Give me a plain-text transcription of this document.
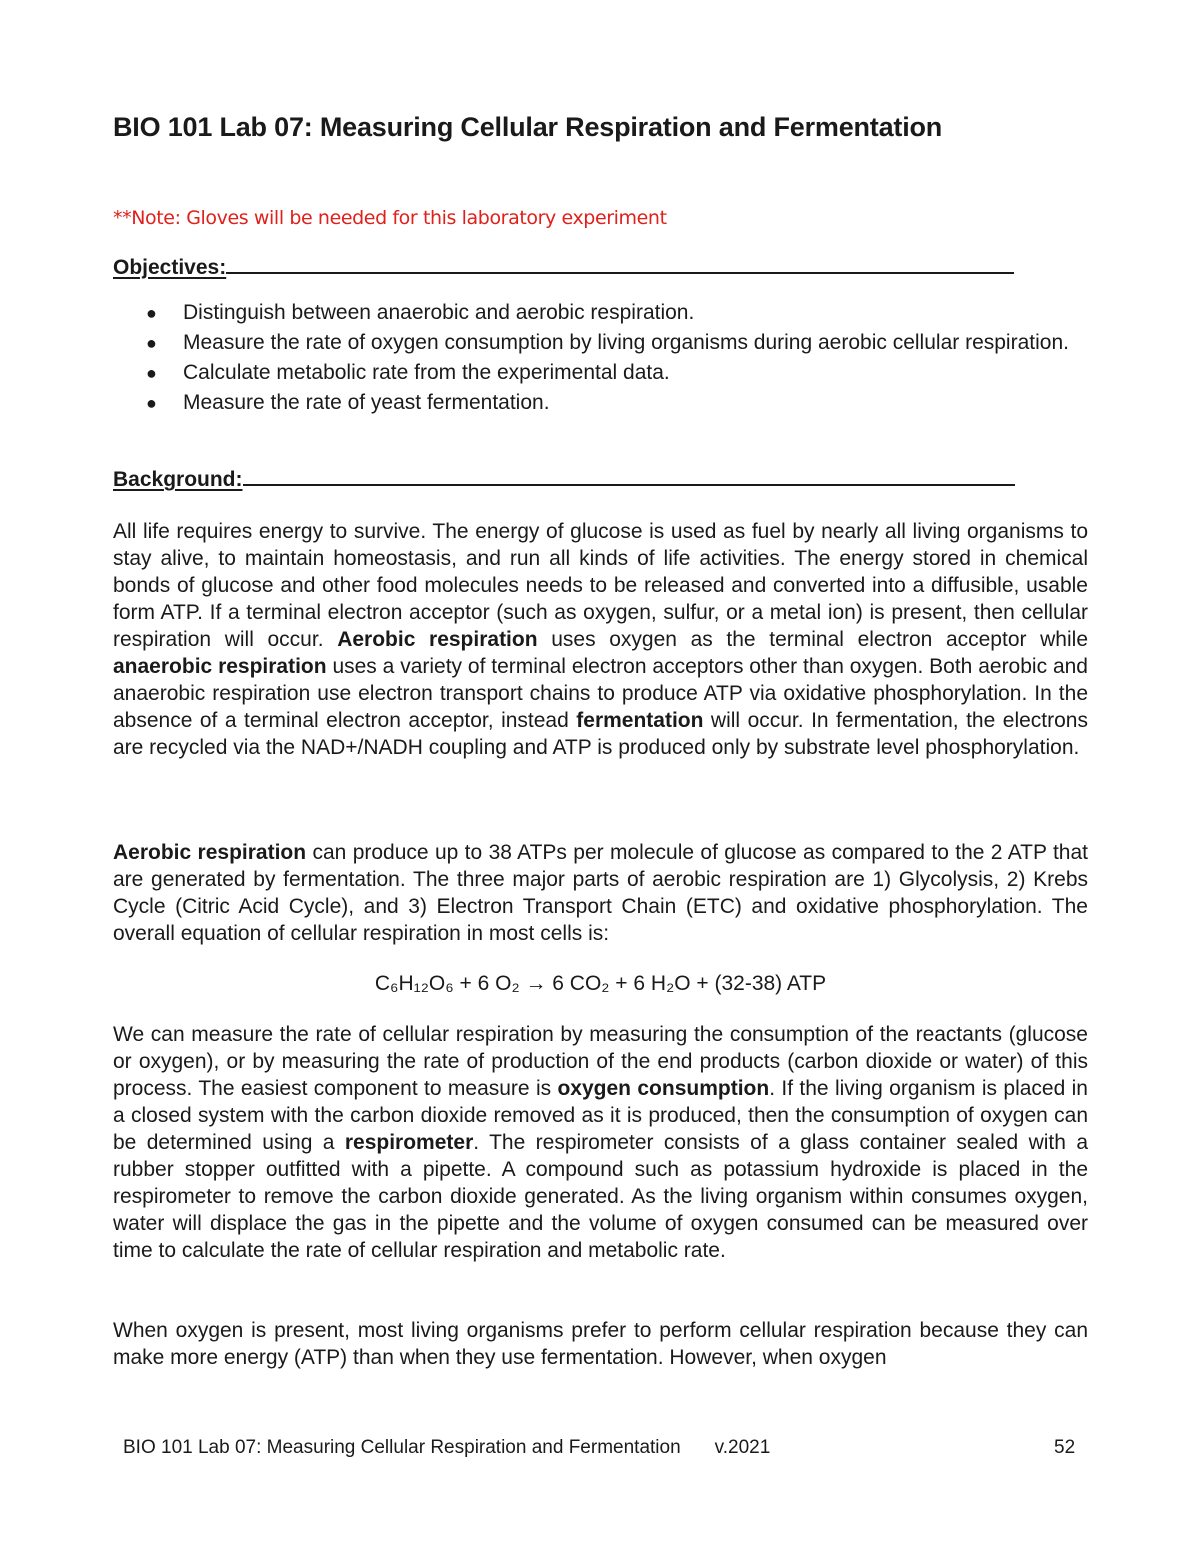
BIO 101 Lab 07: Measuring Cellular Respiration and Fermentation
**Note: Gloves will be needed for this laboratory experiment
Objectives:
● Distinguish between anaerobic and aerobic respiration.
● Measure the rate of oxygen consumption by living organisms during aerobic cellular respiration.
● Calculate metabolic rate from the experimental data.
● Measure the rate of yeast fermentation.
Background:

All life requires energy to survive. The energy of glucose is used as fuel by nearly all living organisms to stay alive, to maintain homeostasis, and run all kinds of life activities. The energy stored in chemical bonds of glucose and other food molecules needs to be released and converted into a diffusible, usable form ATP. If a terminal electron acceptor (such as oxygen, sulfur, or a metal ion) is present, then cellular respiration will occur. Aerobic respiration uses oxygen as the terminal electron acceptor while anaerobic respiration uses a variety of terminal electron acceptors other than oxygen. Both aerobic and anaerobic respiration use electron transport chains to produce ATP via oxidative phosphorylation. In the absence of a terminal electron acceptor, instead fermentation will occur. In fermentation, the electrons are recycled via the NAD+/NADH coupling and ATP is produced only by substrate level phosphorylation.

Aerobic respiration can produce up to 38 ATPs per molecule of glucose as compared to the 2 ATP that are generated by fermentation. The three major parts of aerobic respiration are 1) Glycolysis, 2) Krebs Cycle (Citric Acid Cycle), and 3) Electron Transport Chain (ETC) and oxidative phosphorylation. The overall equation of cellular respiration in most cells is:

C₆H₁₂O₆ + 6 O₂ → 6 CO₂ + 6 H₂O + (32-38) ATP

We can measure the rate of cellular respiration by measuring the consumption of the reactants (glucose or oxygen), or by measuring the rate of production of the end products (carbon dioxide or water) of this process. The easiest component to measure is oxygen consumption. If the living organism is placed in a closed system with the carbon dioxide removed as it is produced, then the consumption of oxygen can be determined using a respirometer. The respirometer consists of a glass container sealed with a rubber stopper outfitted with a pipette. A compound such as potassium hydroxide is placed in the respirometer to remove the carbon dioxide generated. As the living organism within consumes oxygen, water will displace the gas in the pipette and the volume of oxygen consumed can be measured over time to calculate the rate of cellular respiration and metabolic rate.

When oxygen is present, most living organisms prefer to perform cellular respiration because they can make more energy (ATP) than when they use fermentation. However, when oxygen

BIO 101 Lab 07: Measuring Cellular Respiration and Fermentation v.2021	52
